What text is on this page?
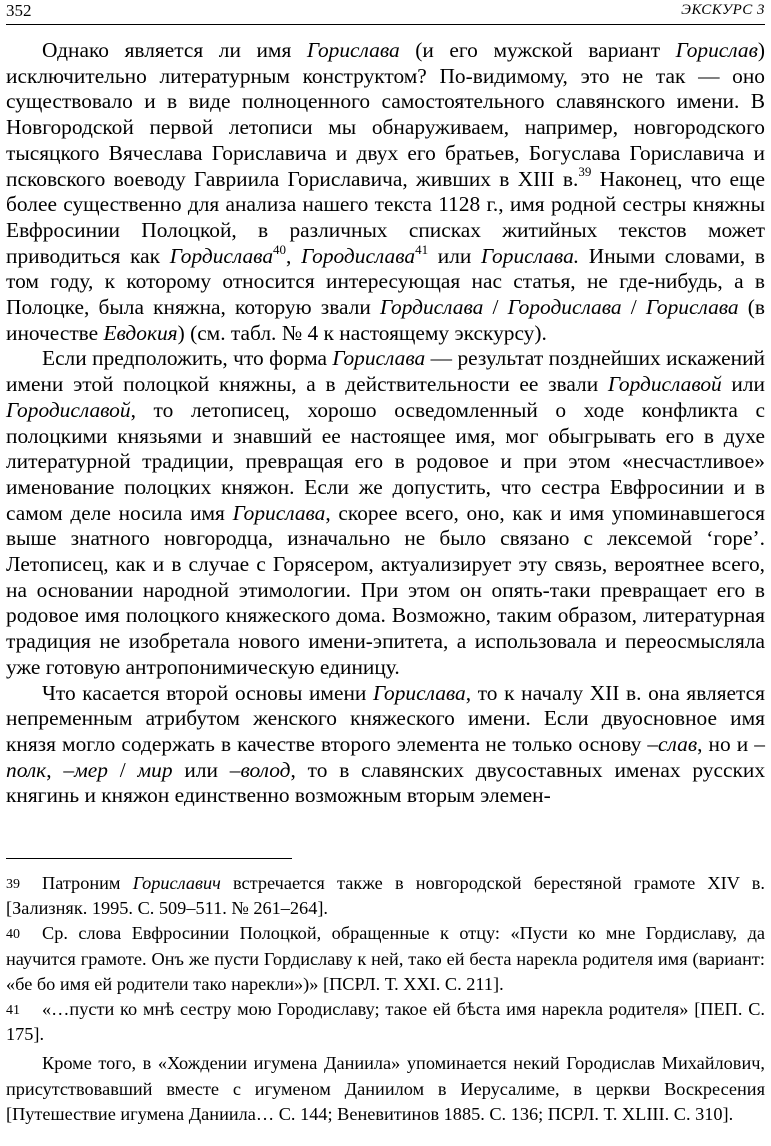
352	ЭКСКУРС 3

Однако является ли имя Горислава (и его мужской вариант Горислав) исключительно литературным конструктом? По-видимому, это не так — оно существовало и в виде полноценного самостоятельного славянского имени. В Новгородской первой летописи мы обнаруживаем, например, новгородского тысяцкого Вячеслава Гориславича и двух его братьев, Богуслава Гориславича и псковского воеводу Гавриила Гориславича, живших в XIII в.$^{39}$ Наконец, что еще более существенно для анализа нашего текста 1128 г., имя родной сестры княжны Евфросинии Полоцкой, в различных списках житийных текстов может приводиться как Гордислава$^{40}$, Городислава$^{41}$ или Горислава. Иными словами, в том году, к которому относится интересующая нас статья, не где-нибудь, а в Полоцке, была княжна, которую звали Гордислава / Городислава / Горислава (в иночестве Евдокия) (см. табл. № 4 к настоящему экскурсу).

Если предположить, что форма Горислава — результат позднейших искажений имени этой полоцкой княжны, а в действительности ее звали Гордиславой или Городиславой, то летописец, хорошо осведомленный о ходе конфликта с полоцкими князьями и знавший ее настоящее имя, мог обыгрывать его в духе литературной традиции, превращая его в родовое и при этом «несчастливое» именование полоцких княжон. Если же допустить, что сестра Евфросинии и в самом деле носила имя Горислава, скорее всего, оно, как и имя упоминавшегося выше знатного новгородца, изначально не было связано с лексемой ‘горе’. Летописец, как и в случае с Горясером, актуализирует эту связь, вероятнее всего, на основании народной этимологии. При этом он опять-таки превращает его в родовое имя полоцкого княжеского дома. Возможно, таким образом, литературная традиция не изобретала нового имени-эпитета, а использовала и переосмысляла уже готовую антропонимическую единицу.

Что касается второй основы имени Горислава, то к началу XII в. она является непременным атрибутом женского княжеского имени. Если двуосновное имя князя могло содержать в качестве второго элемента не только основу –слав, но и –полк, –мер / мир или –волод, то в славянских двусоставных именах русских княгинь и княжон единственно возможным вторым элемен-

39 Патроним Гориславич встречается также в новгородской берестяной грамоте XIV в. [Зализняк. 1995. С. 509–511. № 261–264].

40 Ср. слова Евфросинии Полоцкой, обращенные к отцу: «Пусти ко мне Гордиславу, да научится грамоте. Онъ же пусти Гордиславу к ней, тако ей беста нарекла родителя имя (вариант: «бе бо имя ей родители тако нарекли»)» [ПСРЛ. Т. XXI. С. 211].

41 «…пусти ко мнѣ сестру мою Городиславу; такое ей бѣста имя нарекла родителя» [ПЕП. С. 175].

Кроме того, в «Хождении игумена Даниила» упоминается некий Городислав Михайлович, присутствовавший вместе с игуменом Даниилом в Иерусалиме, в церкви Воскресения [Путешествие игумена Даниила… С. 144; Веневитинов 1885. С. 136; ПСРЛ. Т. XLIII. С. 310].
